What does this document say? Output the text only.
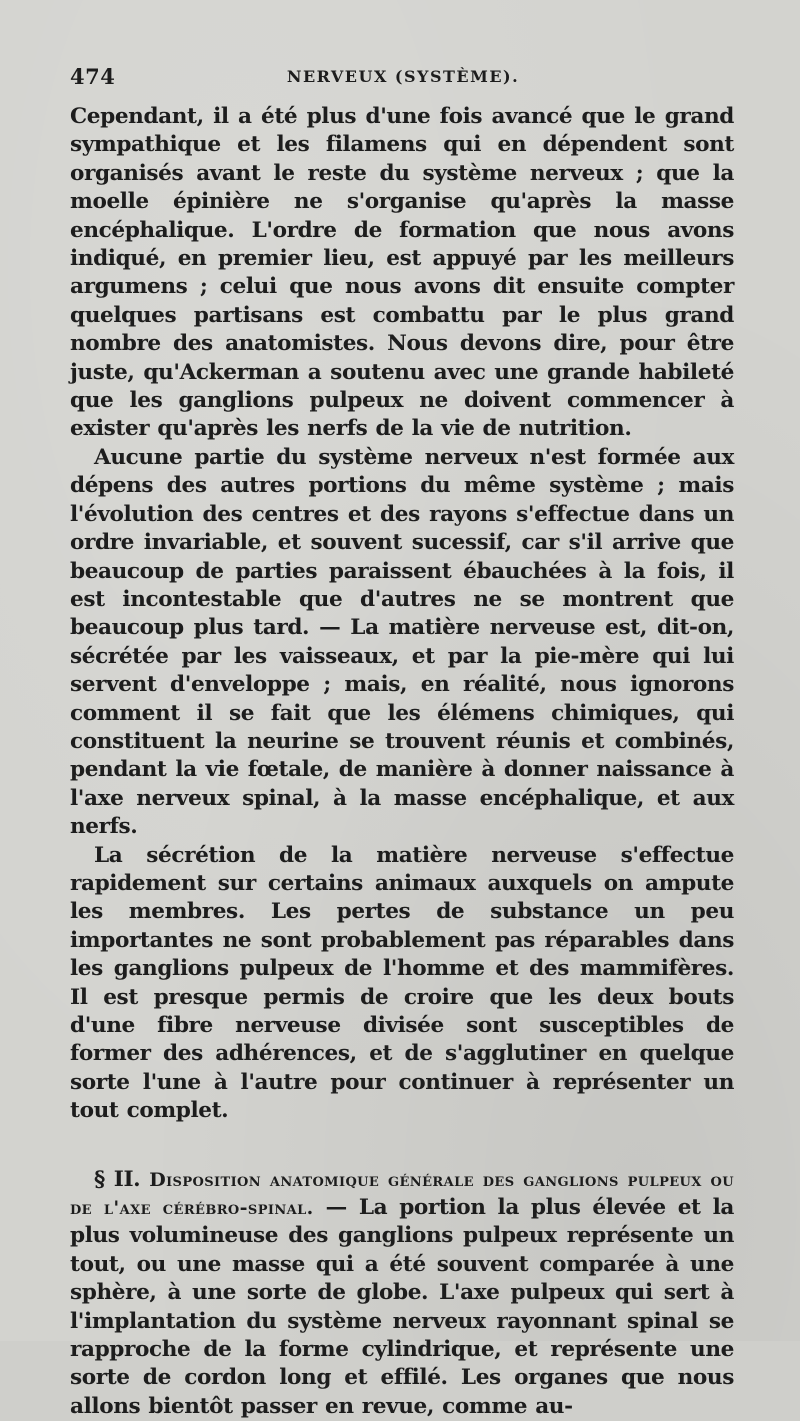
474	NERVEUX (SYSTÈME).

Cependant, il a été plus d'une fois avancé que le grand sympathique et les filamens qui en dépendent sont organisés avant le reste du système nerveux ; que la moelle épinière ne s'organise qu'après la masse encéphalique. L'ordre de formation que nous avons indiqué, en premier lieu, est appuyé par les meilleurs argumens ; celui que nous avons dit ensuite compter quelques partisans est combattu par le plus grand nombre des anatomistes. Nous devons dire, pour être juste, qu'Ackerman a soutenu avec une grande habileté que les ganglions pulpeux ne doivent commencer à exister qu'après les nerfs de la vie de nutrition.

Aucune partie du système nerveux n'est formée aux dépens des autres portions du même système ; mais l'évolution des centres et des rayons s'effectue dans un ordre invariable, et souvent sucessif, car s'il arrive que beaucoup de parties paraissent ébauchées à la fois, il est incontestable que d'autres ne se montrent que beaucoup plus tard. — La matière nerveuse est, dit-on, sécrétée par les vaisseaux, et par la pie-mère qui lui servent d'enveloppe ; mais, en réalité, nous ignorons comment il se fait que les élémens chimiques, qui constituent la neurine se trouvent réunis et combinés, pendant la vie fœtale, de manière à donner naissance à l'axe nerveux spinal, à la masse encéphalique, et aux nerfs.

La sécrétion de la matière nerveuse s'effectue rapidement sur certains animaux auxquels on ampute les membres. Les pertes de substance un peu importantes ne sont probablement pas réparables dans les ganglions pulpeux de l'homme et des mammifères. Il est presque permis de croire que les deux bouts d'une fibre nerveuse divisée sont susceptibles de former des adhérences, et de s'agglutiner en quelque sorte l'une à l'autre pour continuer à représenter un tout complet.

§ II. Disposition anatomique générale des ganglions pulpeux ou de l'axe cérébro-spinal. — La portion la plus élevée et la plus volumineuse des ganglions pulpeux représente un tout, ou une masse qui a été souvent comparée à une sphère, à une sorte de globe. L'axe pulpeux qui sert à l'implantation du système nerveux rayonnant spinal se rapproche de la forme cylindrique, et représente une sorte de cordon long et effilé. Les organes que nous allons bientôt passer en revue, comme au-
